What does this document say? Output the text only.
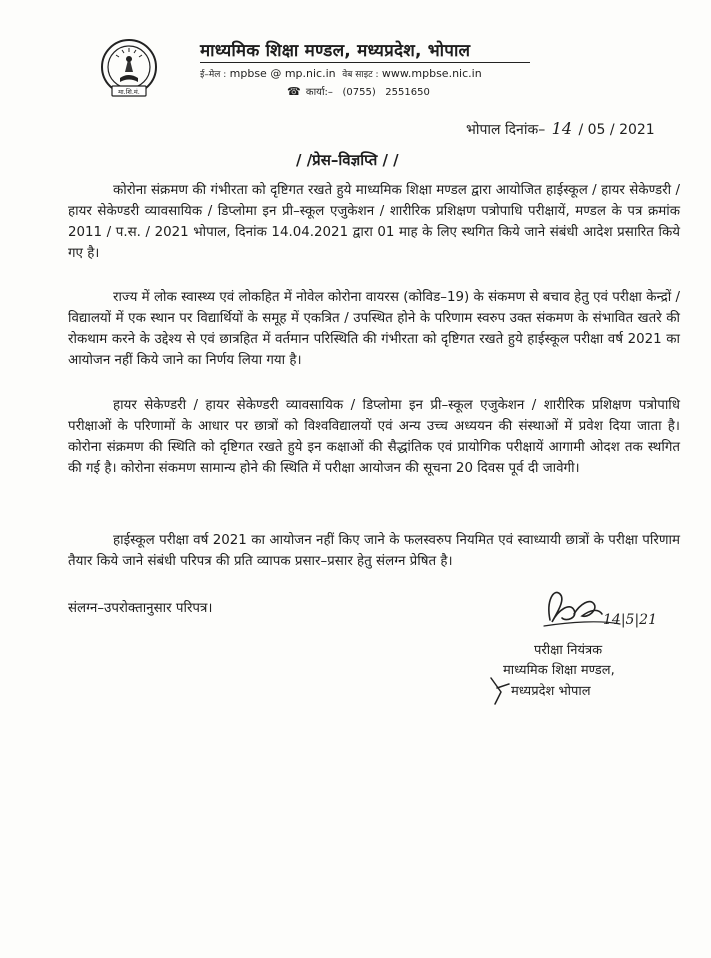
मा.शि.मं.
माध्यमिक शिक्षा मण्डल, मध्यप्रदेश, भोपाल
ई–मेल : mpbse @ mp.nic.in वेब साइट : www.mpbse.nic.in
☎ कार्या:– (0755) 2551650
भोपाल दिनांक– 14 / 05 / 2021
/ /प्रेस–विज्ञप्ति / /

कोरोना संक्रमण की गंभीरता को दृष्टिगत रखते हुये माध्यमिक शिक्षा मण्डल द्वारा आयोजित हाईस्कूल / हायर सेकेण्डरी / हायर सेकेण्डरी व्यावसायिक / डिप्लोमा इन प्री–स्कूल एजुकेशन / शारीरिक प्रशिक्षण पत्रोपाधि परीक्षायें, मण्डल के पत्र क्रमांक 2011 / प.स. / 2021 भोपाल, दिनांक 14.04.2021 द्वारा 01 माह के लिए स्थगित किये जाने संबंधी आदेश प्रसारित किये गए है।

राज्य में लोक स्वास्थ्य एवं लोकहित में नोवेल कोरोना वायरस (कोविड–19) के संकमण से बचाव हेतु एवं परीक्षा केन्द्रों / विद्यालयों में एक स्थान पर विद्यार्थियों के समूह में एकत्रित / उपस्थित होने के परिणाम स्वरुप उक्त संकमण के संभावित खतरे की रोकथाम करने के उद्देश्य से एवं छात्रहित में वर्तमान परिस्थिति की गंभीरता को दृष्टिगत रखते हुये हाईस्कूल परीक्षा वर्ष 2021 का आयोजन नहीं किये जाने का निर्णय लिया गया है।

हायर सेकेण्डरी / हायर सेकेण्डरी व्यावसायिक / डिप्लोमा इन प्री–स्कूल एजुकेशन / शारीरिक प्रशिक्षण पत्रोपाधि परीक्षाओं के परिणामों के आधार पर छात्रों को विश्वविद्यालयों एवं अन्य उच्च अध्ययन की संस्थाओं में प्रवेश दिया जाता है। कोरोना संक्रमण की स्थिति को दृष्टिगत रखते हुये इन कक्षाओं की सैद्धांतिक एवं प्रायोगिक परीक्षायें आगामी ओदश तक स्थगित की गई है। कोरोना संकमण सामान्य होने की स्थिति में परीक्षा आयोजन की सूचना 20 दिवस पूर्व दी जावेगी।

हाईस्कूल परीक्षा वर्ष 2021 का आयोजन नहीं किए जाने के फलस्वरुप नियमित एवं स्वाध्यायी छात्रों के परीक्षा परिणाम तैयार किये जाने संबंधी परिपत्र की प्रति व्यापक प्रसार–प्रसार हेतु संलग्न प्रेषित है।

संलग्न–उपरोक्तानुसार परिपत्र।
14|5|21
परीक्षा नियंत्रक
माध्यमिक शिक्षा मण्डल,
मध्यप्रदेश भोपाल
